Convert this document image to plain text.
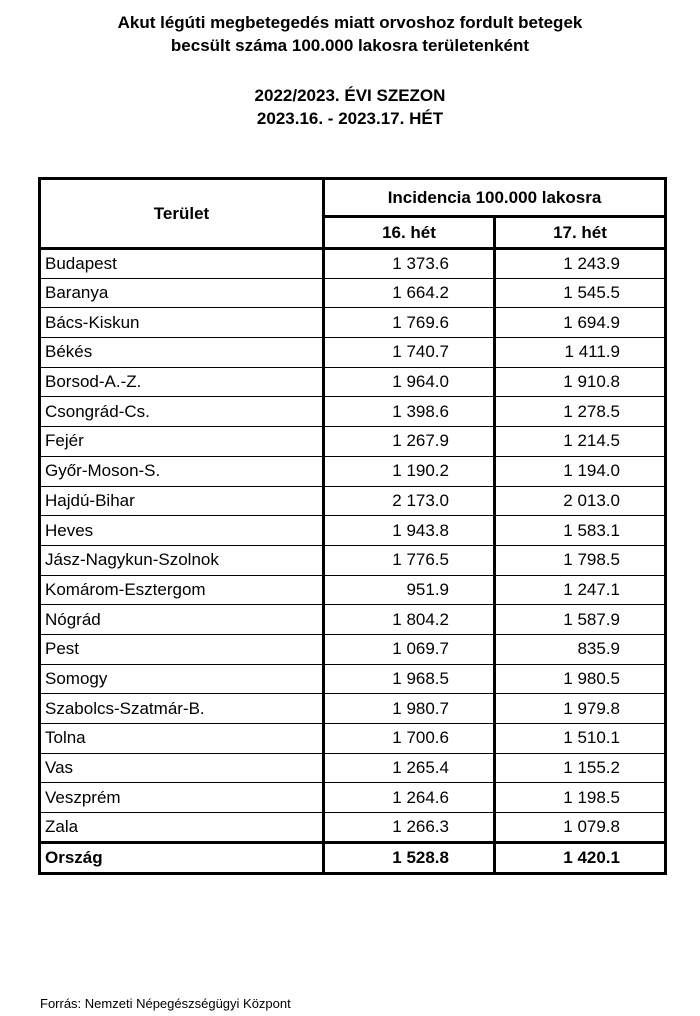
Akut légúti megbetegedés miatt orvoshoz fordult betegek
becsült száma 100.000 lakosra területenként
2022/2023. ÉVI SZEZON
2023.16. - 2023.17. HÉT
Terület	Incidencia 100.000 lakosra	
	16. hét	17. hét
Budapest	1 373.6	1 243.9
Baranya	1 664.2	1 545.5
Bács-Kiskun	1 769.6	1 694.9
Békés	1 740.7	1 411.9
Borsod-A.-Z.	1 964.0	1 910.8
Csongrád-Cs.	1 398.6	1 278.5
Fejér	1 267.9	1 214.5
Győr-Moson-S.	1 190.2	1 194.0
Hajdú-Bihar	2 173.0	2 013.0
Heves	1 943.8	1 583.1
Jász-Nagykun-Szolnok	1 776.5	1 798.5
Komárom-Esztergom	951.9	1 247.1
Nógrád	1 804.2	1 587.9
Pest	1 069.7	835.9
Somogy	1 968.5	1 980.5
Szabolcs-Szatmár-B.	1 980.7	1 979.8
Tolna	1 700.6	1 510.1
Vas	1 265.4	1 155.2
Veszprém	1 264.6	1 198.5
Zala	1 266.3	1 079.8
Ország	1 528.8	1 420.1
Forrás: Nemzeti Népegészségügyi Központ
